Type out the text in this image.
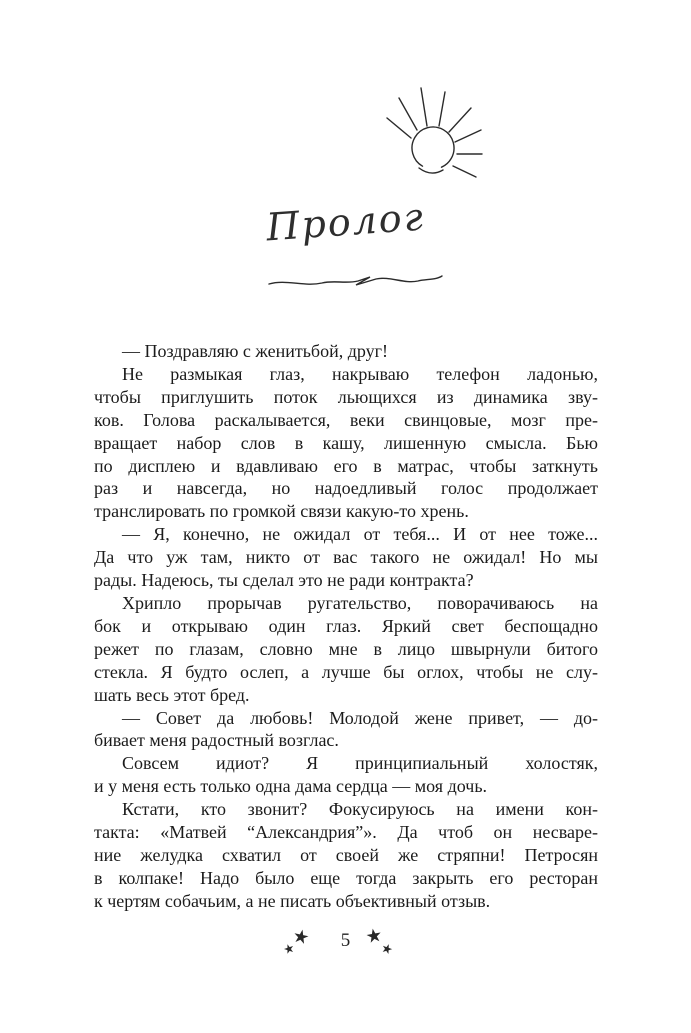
Пролог
— Поздравляю с женитьбой, друг!
Не размыкая глаз, накрываю телефон ладонью,
чтобы приглушить поток льющихся из динамика зву-
ков. Голова раскалывается, веки свинцовые, мозг пре-
вращает набор слов в кашу, лишенную смысла. Бью
по дисплею и вдавливаю его в матрас, чтобы заткнуть
раз и навсегда, но надоедливый голос продолжает
транслировать по громкой связи какую-то хрень.
— Я, конечно, не ожидал от тебя... И от нее тоже...
Да что уж там, никто от вас такого не ожидал! Но мы
рады. Надеюсь, ты сделал это не ради контракта?
Хрипло прорычав ругательство, поворачиваюсь на
бок и открываю один глаз. Яркий свет беспощадно
режет по глазам, словно мне в лицо швырнули битого
стекла. Я будто ослеп, а лучше бы оглох, чтобы не слу-
шать весь этот бред.
— Совет да любовь! Молодой жене привет, — до-
бивает меня радостный возглас.
Совсем идиот? Я принципиальный холостяк,
и у меня есть только одна дама сердца — моя дочь.
Кстати, кто звонит? Фокусируюсь на имени кон-
такта: «Матвей “Александрия”». Да чтоб он несваре-
ние желудка схватил от своей же стряпни! Петросян
в колпаке! Надо было еще тогда закрыть его ресторан
к чертям собачьим, а не писать объективный отзыв.
5
